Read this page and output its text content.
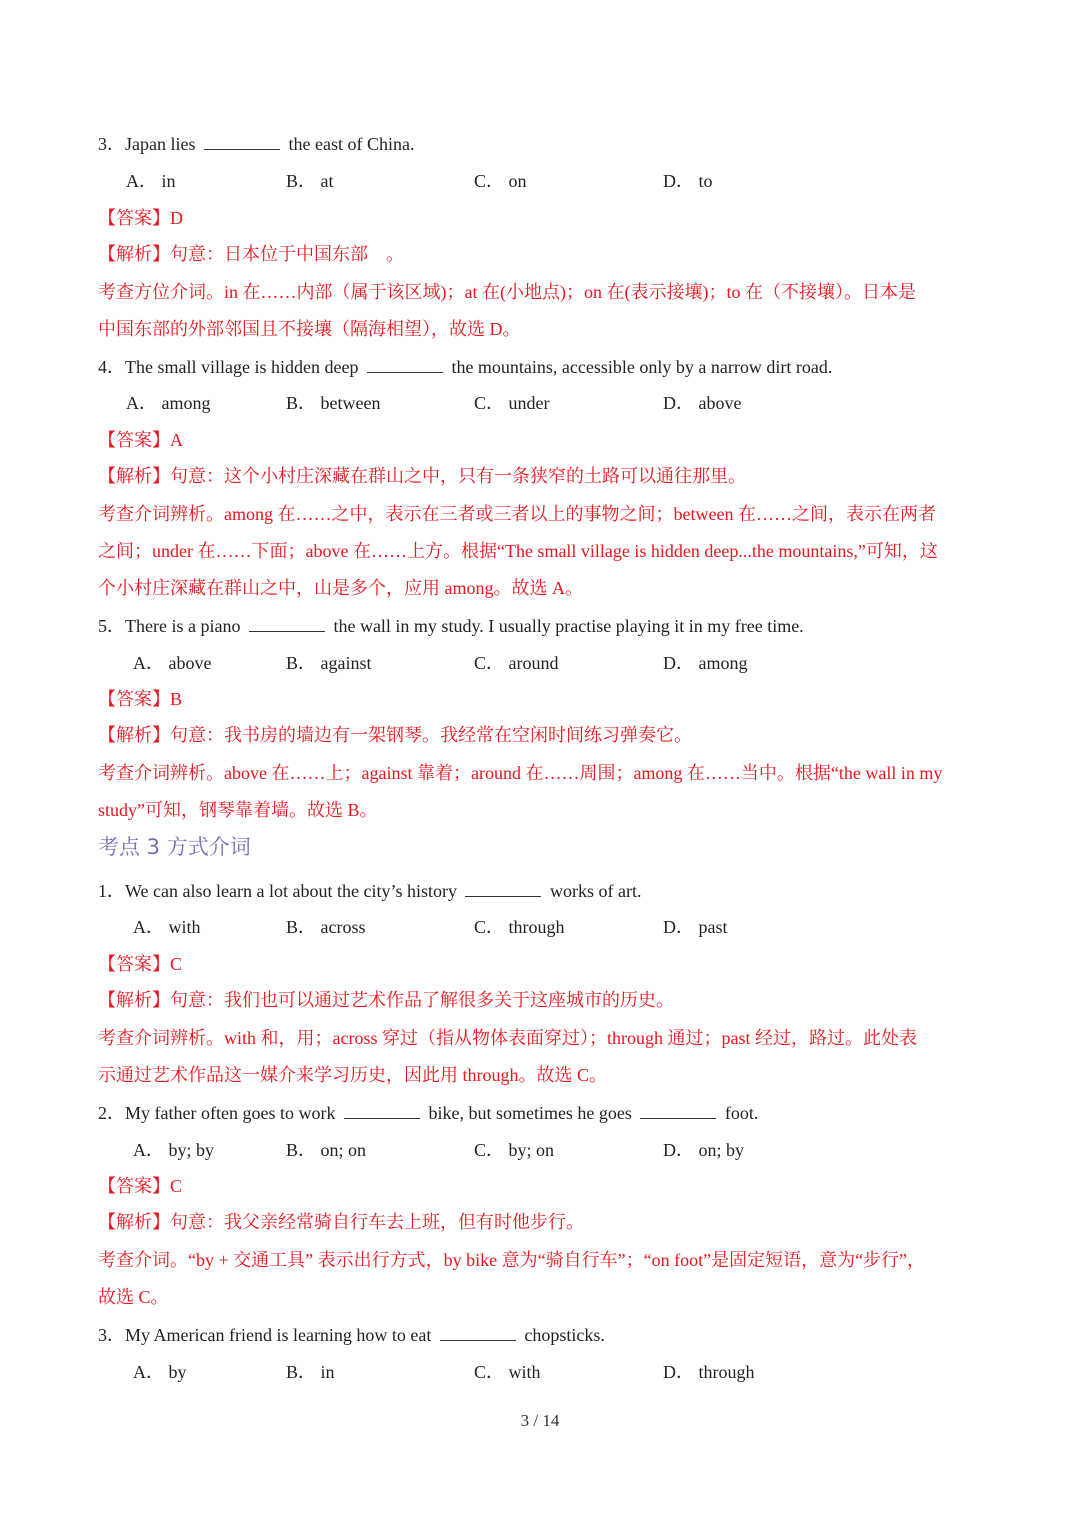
3．Japan lies	the east of China.
A． in	B． at	C． on	D． to
【答案】D
【解析】句意：日本位于中国东部　。
考查方位介词。in 在……内部（属于该区域)；at 在(小地点)；on 在(表示接壤)；to 在（不接壤）。日本是
中国东部的外部邻国且不接壤（隔海相望），故选 D。
4．The small village is hidden deep	the mountains, accessible only by a narrow dirt road.
A． among	B． between	C． under	D． above
【答案】A
【解析】句意：这个小村庄深藏在群山之中，只有一条狭窄的土路可以通往那里。
考查介词辨析。among 在……之中，表示在三者或三者以上的事物之间；between 在……之间，表示在两者
之间；under 在……下面；above 在……上方。根据“The small village is hidden deep...the mountains,”可知，这
个小村庄深藏在群山之中，山是多个，应用 among。故选 A。
5．There is a piano	the wall in my study. I usually practise playing it in my free time.
A． above	B． against	C． around	D． among
【答案】B
【解析】句意：我书房的墙边有一架钢琴。我经常在空闲时间练习弹奏它。
考查介词辨析。above 在……上；against 靠着；around 在……周围；among 在……当中。根据“the wall in my
study”可知，钢琴靠着墙。故选 B。
考点 3 方式介词
1．We can also learn a lot about the city’s history	works of art.
A． with	B． across	C． through	D． past
【答案】C
【解析】句意：我们也可以通过艺术作品了解很多关于这座城市的历史。
考查介词辨析。with 和，用；across 穿过（指从物体表面穿过）；through 通过；past 经过，路过。此处表
示通过艺术作品这一媒介来学习历史，因此用 through。故选 C。
2．My father often goes to work	bike, but sometimes he goes	foot.
A． by; by	B． on; on	C． by; on	D． on; by
【答案】C
【解析】句意：我父亲经常骑自行车去上班，但有时他步行。
考查介词。“by + 交通工具” 表示出行方式，by bike 意为“骑自行车”；“on foot”是固定短语，意为“步行”，
故选 C。
3．My American friend is learning how to eat	chopsticks.
A． by	B． in	C． with	D． through
3 / 14
